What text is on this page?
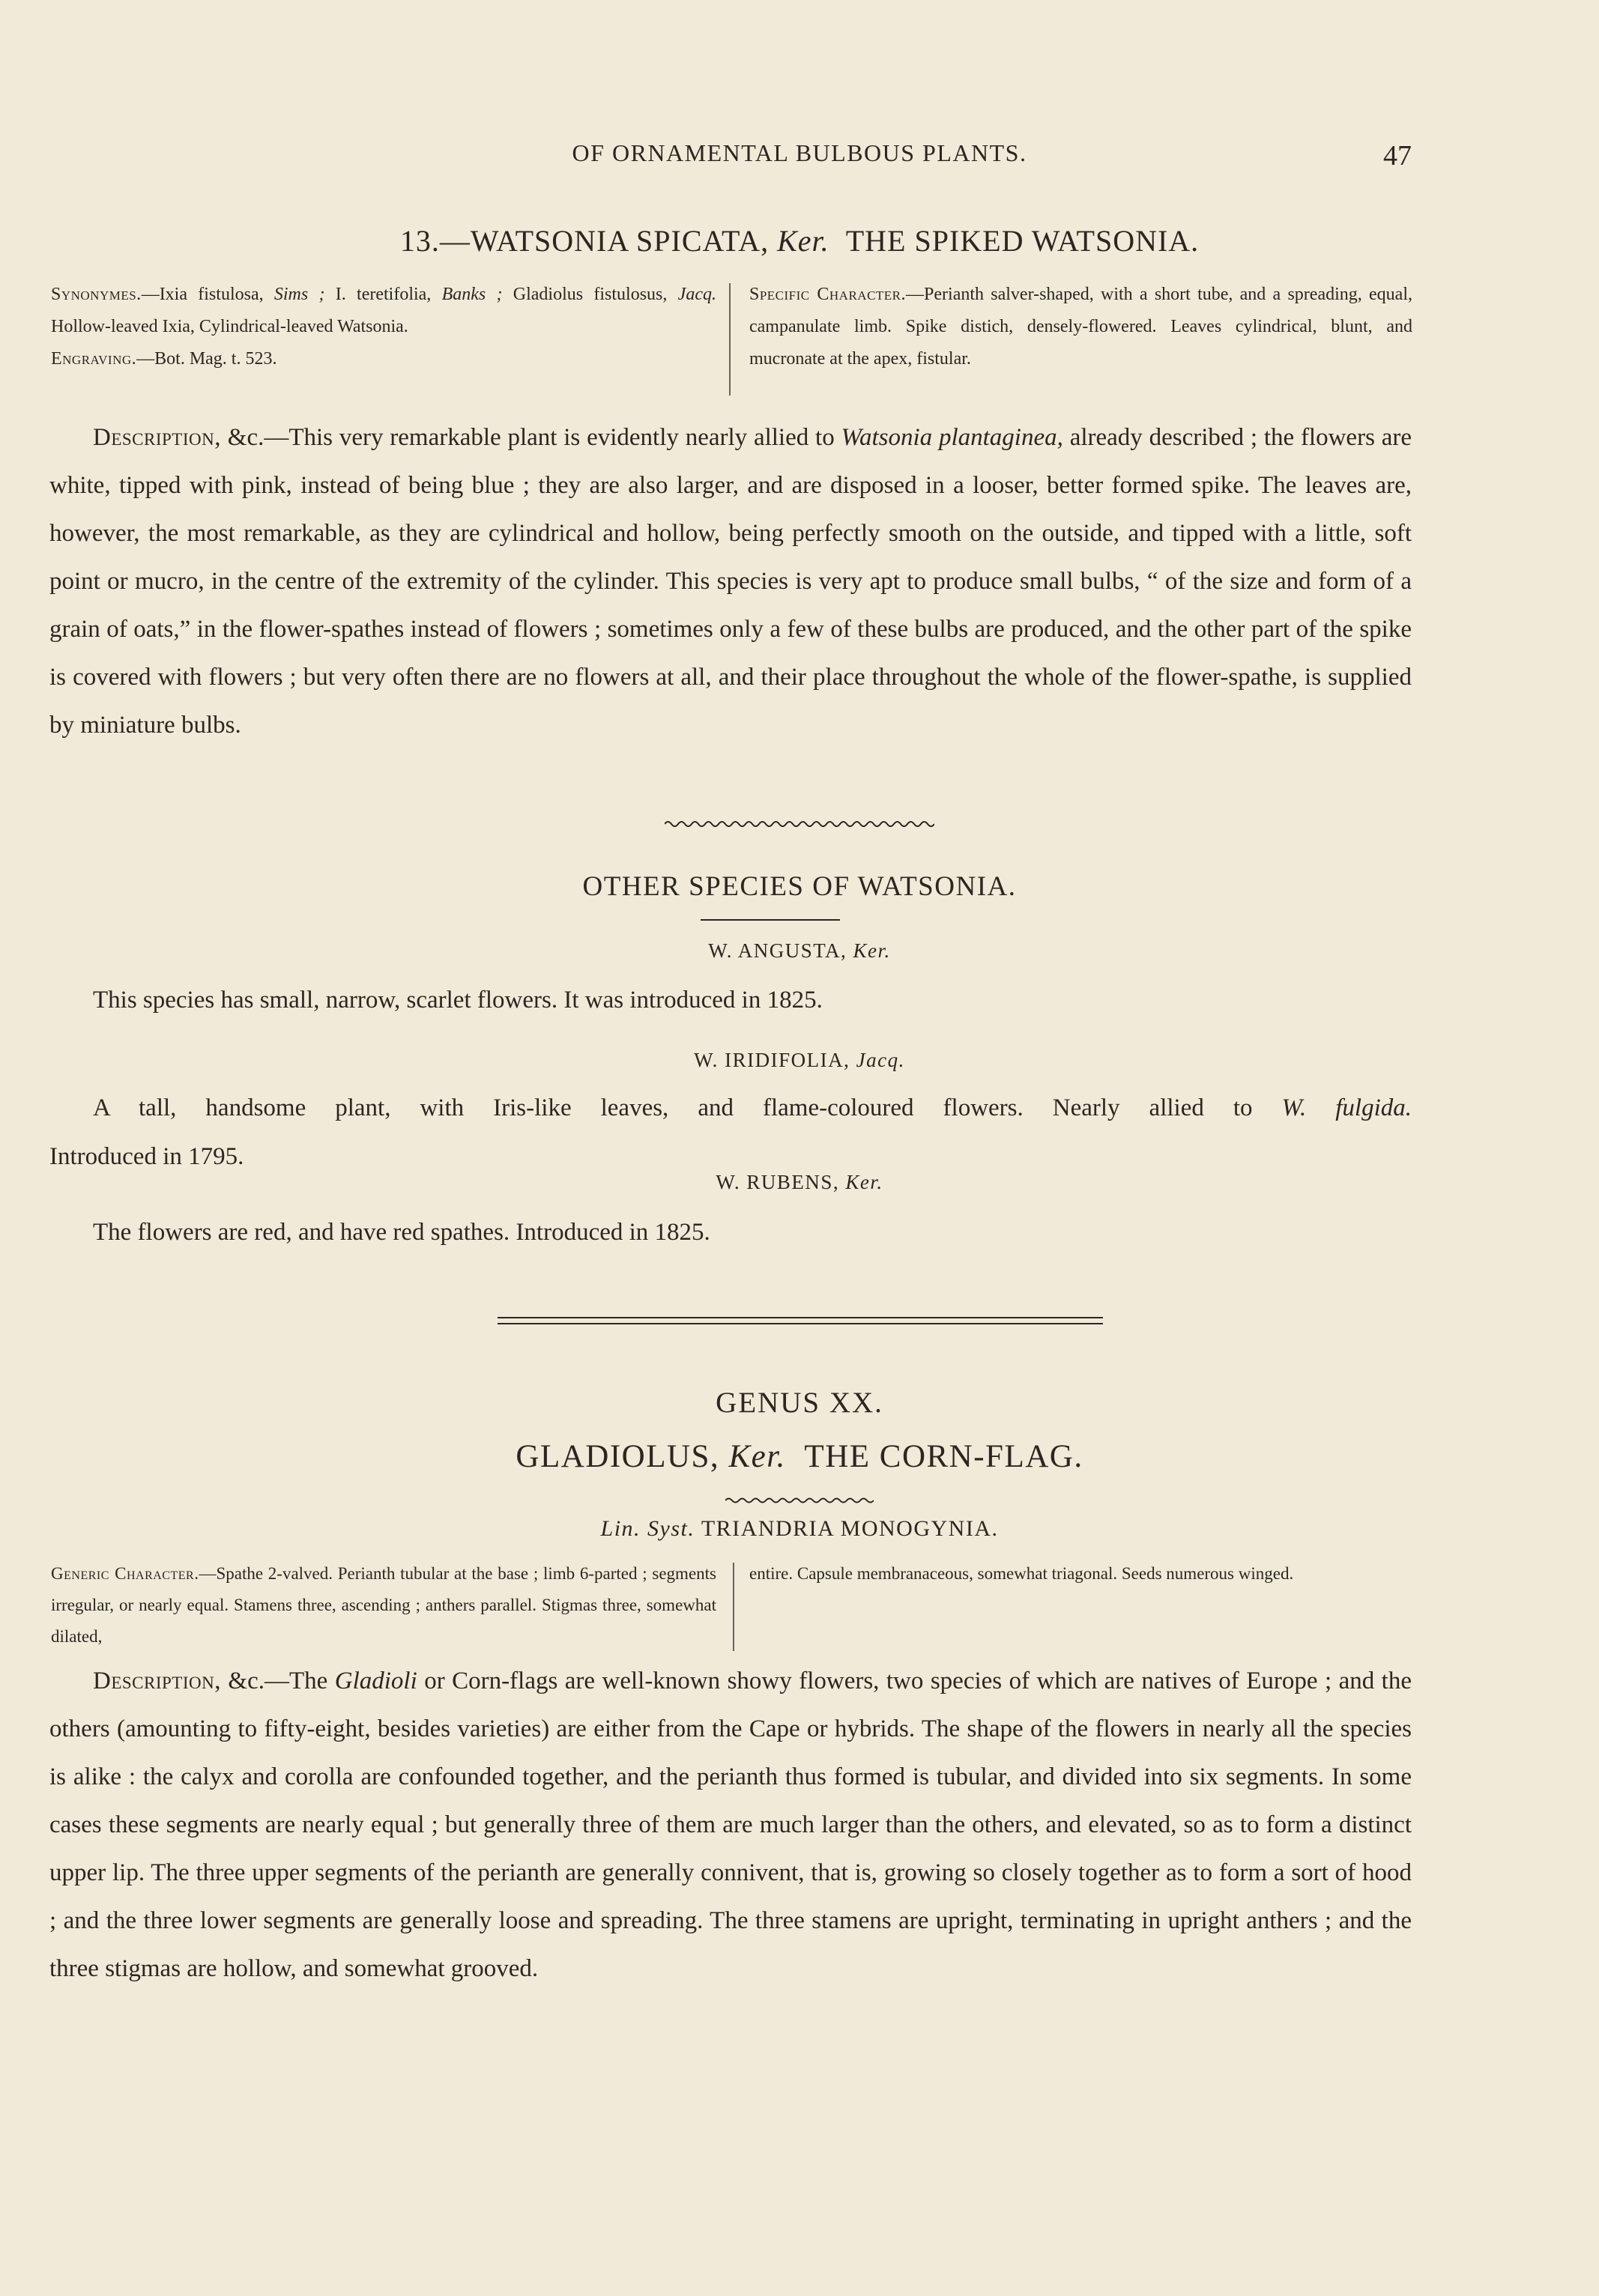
OF ORNAMENTAL BULBOUS PLANTS.	47
13.—WATSONIA SPICATA, Ker. THE SPIKED WATSONIA.
Synonymes.—Ixia fistulosa, Sims ; I. teretifolia, Banks ; Gladiolus fistulosus, Jacq. Hollow-leaved Ixia, Cylindrical-leaved Watsonia.
Engraving.—Bot. Mag. t. 523.
Specific Character.—Perianth salver-shaped, with a short tube, and a spreading, equal, campanulate limb. Spike distich, densely-flowered. Leaves cylindrical, blunt, and mucronate at the apex, fistular.

Description, &c.—This very remarkable plant is evidently nearly allied to Watsonia plantaginea, already described ; the flowers are white, tipped with pink, instead of being blue ; they are also larger, and are disposed in a looser, better formed spike. The leaves are, however, the most remarkable, as they are cylindrical and hollow, being perfectly smooth on the outside, and tipped with a little, soft point or mucro, in the centre of the extremity of the cylinder. This species is very apt to produce small bulbs, “ of the size and form of a grain of oats,” in the flower-spathes instead of flowers ; sometimes only a few of these bulbs are produced, and the other part of the spike is covered with flowers ; but very often there are no flowers at all, and their place throughout the whole of the flower-spathe, is supplied by miniature bulbs.

OTHER SPECIES OF WATSONIA.
W. ANGUSTA, Ker.
This species has small, narrow, scarlet flowers. It was introduced in 1825.
W. IRIDIFOLIA, Jacq.
A tall, handsome plant, with Iris-like leaves, and flame-coloured flowers. Nearly allied to W. fulgida.
Introduced in 1795.
W. RUBENS, Ker.
The flowers are red, and have red spathes. Introduced in 1825.
GENUS XX.
GLADIOLUS, Ker. THE CORN-FLAG.
Lin. Syst. TRIANDRIA MONOGYNIA.
Generic Character.—Spathe 2-valved. Perianth tubular at the base ; limb 6-parted ; segments irregular, or nearly equal. Stamens three, ascending ; anthers parallel. Stigmas three, somewhat dilated,
entire. Capsule membranaceous, somewhat triagonal. Seeds numerous winged.

Description, &c.—The Gladioli or Corn-flags are well-known showy flowers, two species of which are natives of Europe ; and the others (amounting to fifty-eight, besides varieties) are either from the Cape or hybrids. The shape of the flowers in nearly all the species is alike : the calyx and corolla are confounded together, and the perianth thus formed is tubular, and divided into six segments. In some cases these segments are nearly equal ; but generally three of them are much larger than the others, and elevated, so as to form a distinct upper lip. The three upper segments of the perianth are generally connivent, that is, growing so closely together as to form a sort of hood ; and the three lower segments are generally loose and spreading. The three stamens are upright, terminating in upright anthers ; and the three stigmas are hollow, and somewhat grooved.
